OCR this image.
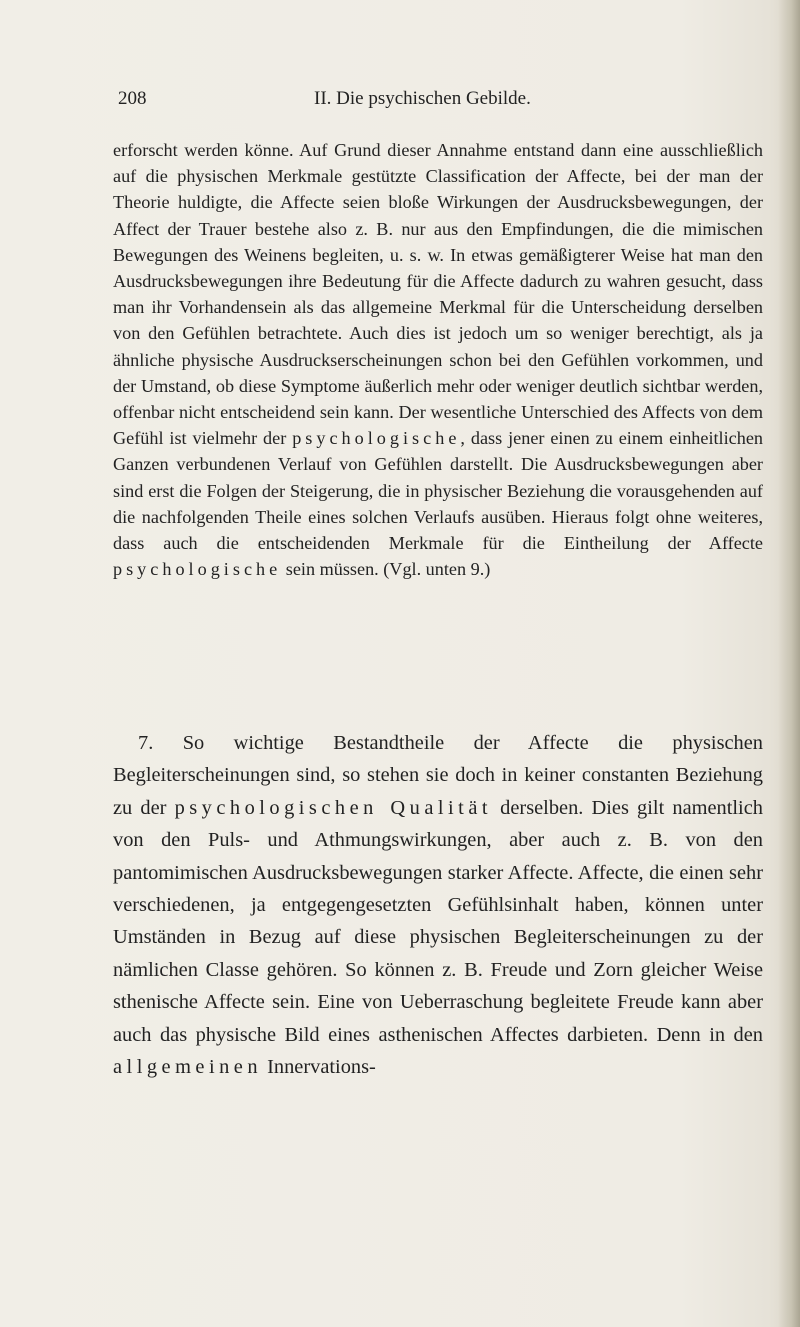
208	II. Die psychischen Gebilde.

erforscht werden könne. Auf Grund dieser Annahme entstand dann eine ausschließlich auf die physischen Merkmale gestützte Classification der Affecte, bei der man der Theorie huldigte, die Affecte seien bloße Wirkungen der Ausdrucksbewegungen, der Affect der Trauer bestehe also z. B. nur aus den Empfindungen, die die mimischen Bewegungen des Weinens begleiten, u. s. w. In etwas gemäßigterer Weise hat man den Ausdrucksbewegungen ihre Bedeutung für die Affecte dadurch zu wahren gesucht, dass man ihr Vorhandensein als das allgemeine Merkmal für die Unterscheidung derselben von den Gefühlen betrachtete. Auch dies ist jedoch um so weniger berechtigt, als ja ähnliche physische Ausdruckserscheinungen schon bei den Gefühlen vorkommen, und der Umstand, ob diese Symptome äußerlich mehr oder weniger deutlich sichtbar werden, offenbar nicht entscheidend sein kann. Der wesentliche Unterschied des Affects von dem Gefühl ist vielmehr der psychologische, dass jener einen zu einem einheitlichen Ganzen verbundenen Verlauf von Gefühlen darstellt. Die Ausdrucksbewegungen aber sind erst die Folgen der Steigerung, die in physischer Beziehung die vorausgehenden auf die nachfolgenden Theile eines solchen Verlaufs ausüben. Hieraus folgt ohne weiteres, dass auch die entscheidenden Merkmale für die Eintheilung der Affecte psychologische sein müssen. (Vgl. unten 9.)

7. So wichtige Bestandtheile der Affecte die physischen Begleiterscheinungen sind, so stehen sie doch in keiner constanten Beziehung zu der psychologischen Qualität derselben. Dies gilt namentlich von den Puls- und Athmungswirkungen, aber auch z. B. von den pantomimischen Ausdrucksbewegungen starker Affecte. Affecte, die einen sehr verschiedenen, ja entgegengesetzten Gefühlsinhalt haben, können unter Umständen in Bezug auf diese physischen Begleiterscheinungen zu der nämlichen Classe gehören. So können z. B. Freude und Zorn gleicher Weise sthenische Affecte sein. Eine von Ueberraschung begleitete Freude kann aber auch das physische Bild eines asthenischen Affectes darbieten. Denn in den allgemeinen Innervations-
